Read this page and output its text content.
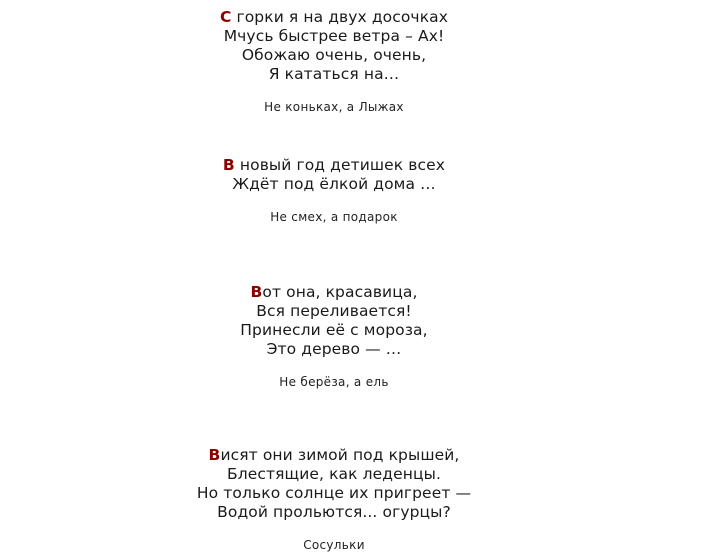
С горки я на двух досочках
Мчусь быстрее ветра – Ах!
Обожаю очень, очень,
Я кататься на…
Не коньках, а Лыжах
В новый год детишек всех
Ждёт под ёлкой дома …
Не смех, а подарок
Вот она, красавица,
Вся переливается!
Принесли её с мороза,
Это дерево — …
Не берёза, а ель
Висят они зимой под крышей,
Блестящие, как леденцы.
Но только солнце их пригреет —
Водой прольются... огурцы?
Сосульки
